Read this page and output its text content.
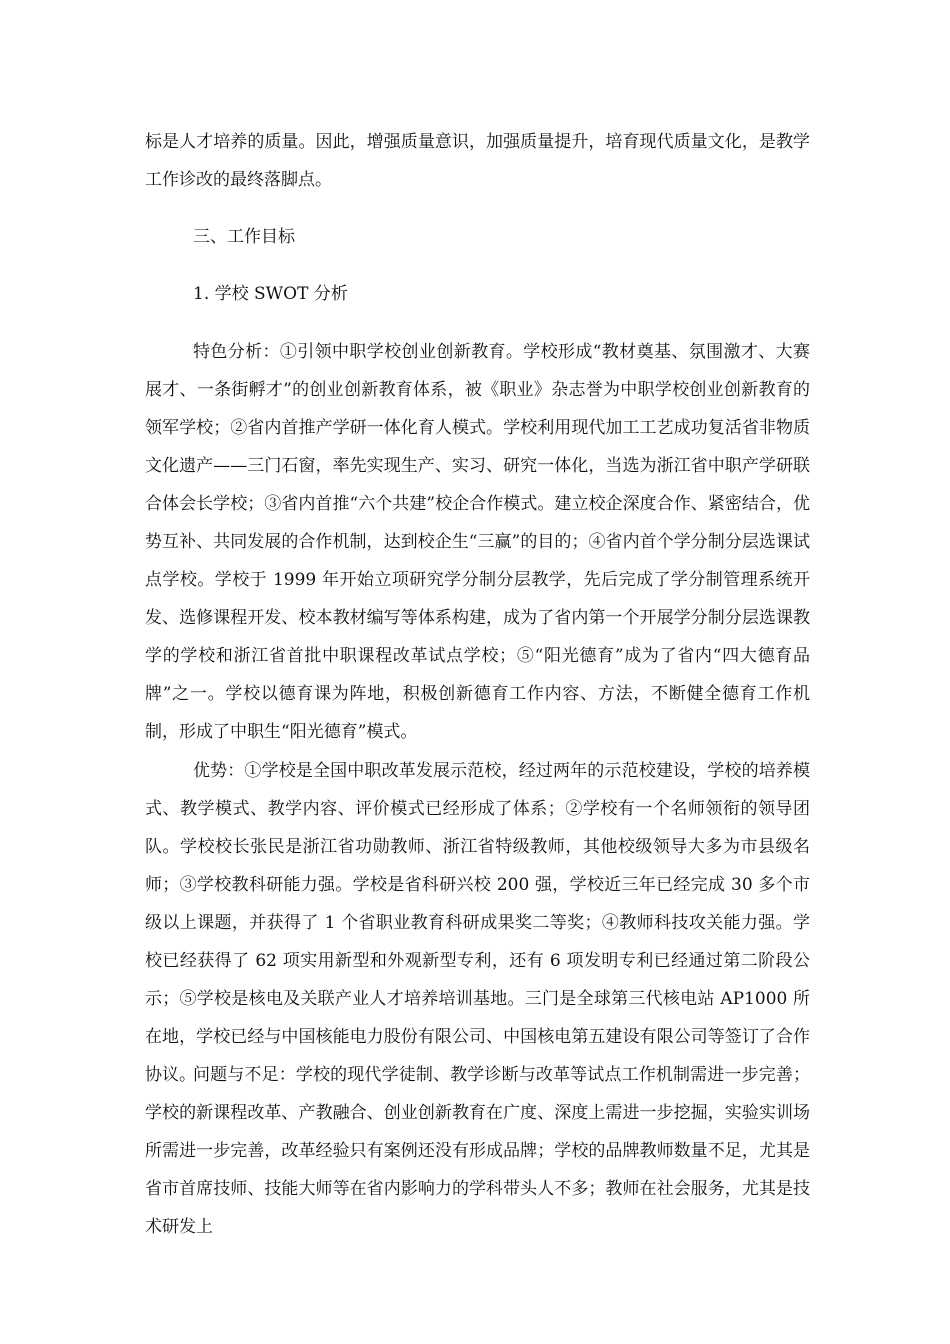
标是人才培养的质量。因此，增强质量意识，加强质量提升，培育现代质量文化，是教学工作诊改的最终落脚点。

三、工作目标

1. 学校 SWOT 分析

特色分析：①引领中职学校创业创新教育。学校形成“教材奠基、氛围激才、大赛展才、一条街孵才”的创业创新教育体系，被《职业》杂志誉为中职学校创业创新教育的领军学校；②省内首推产学研一体化育人模式。学校利用现代加工工艺成功复活省非物质文化遗产——三门石窗，率先实现生产、实习、研究一体化，当选为浙江省中职产学研联合体会长学校；③省内首推“六个共建”校企合作模式。建立校企深度合作、紧密结合，优势互补、共同发展的合作机制，达到校企生“三赢”的目的；④省内首个学分制分层选课试点学校。学校于 1999 年开始立项研究学分制分层教学，先后完成了学分制管理系统开发、选修课程开发、校本教材编写等体系构建，成为了省内第一个开展学分制分层选课教学的学校和浙江省首批中职课程改革试点学校；⑤“阳光德育”成为了省内“四大德育品牌”之一。学校以德育课为阵地，积极创新德育工作内容、方法，不断健全德育工作机制，形成了中职生“阳光德育”模式。

优势：①学校是全国中职改革发展示范校，经过两年的示范校建设，学校的培养模式、教学模式、教学内容、评价模式已经形成了体系；②学校有一个名师领衔的领导团队。学校校长张民是浙江省功勋教师、浙江省特级教师，其他校级领导大多为市县级名师；③学校教科研能力强。学校是省科研兴校 200 强，学校近三年已经完成 30 多个市级以上课题，并获得了 1 个省职业教育科研成果奖二等奖；④教师科技攻关能力强。学校已经获得了 62 项实用新型和外观新型专利，还有 6 项发明专利已经通过第二阶段公示；⑤学校是核电及关联产业人才培养培训基地。三门是全球第三代核电站 AP1000 所在地，学校已经与中国核能电力股份有限公司、中国核电第五建设有限公司等签订了合作协议。

问题与不足：学校的现代学徒制、教学诊断与改革等试点工作机制需进一步完善；学校的新课程改革、产教融合、创业创新教育在广度、深度上需进一步挖掘，实验实训场所需进一步完善，改革经验只有案例还没有形成品牌；学校的品牌教师数量不足，尤其是省市首席技师、技能大师等在省内影响力的学科带头人不多；教师在社会服务，尤其是技术研发上
